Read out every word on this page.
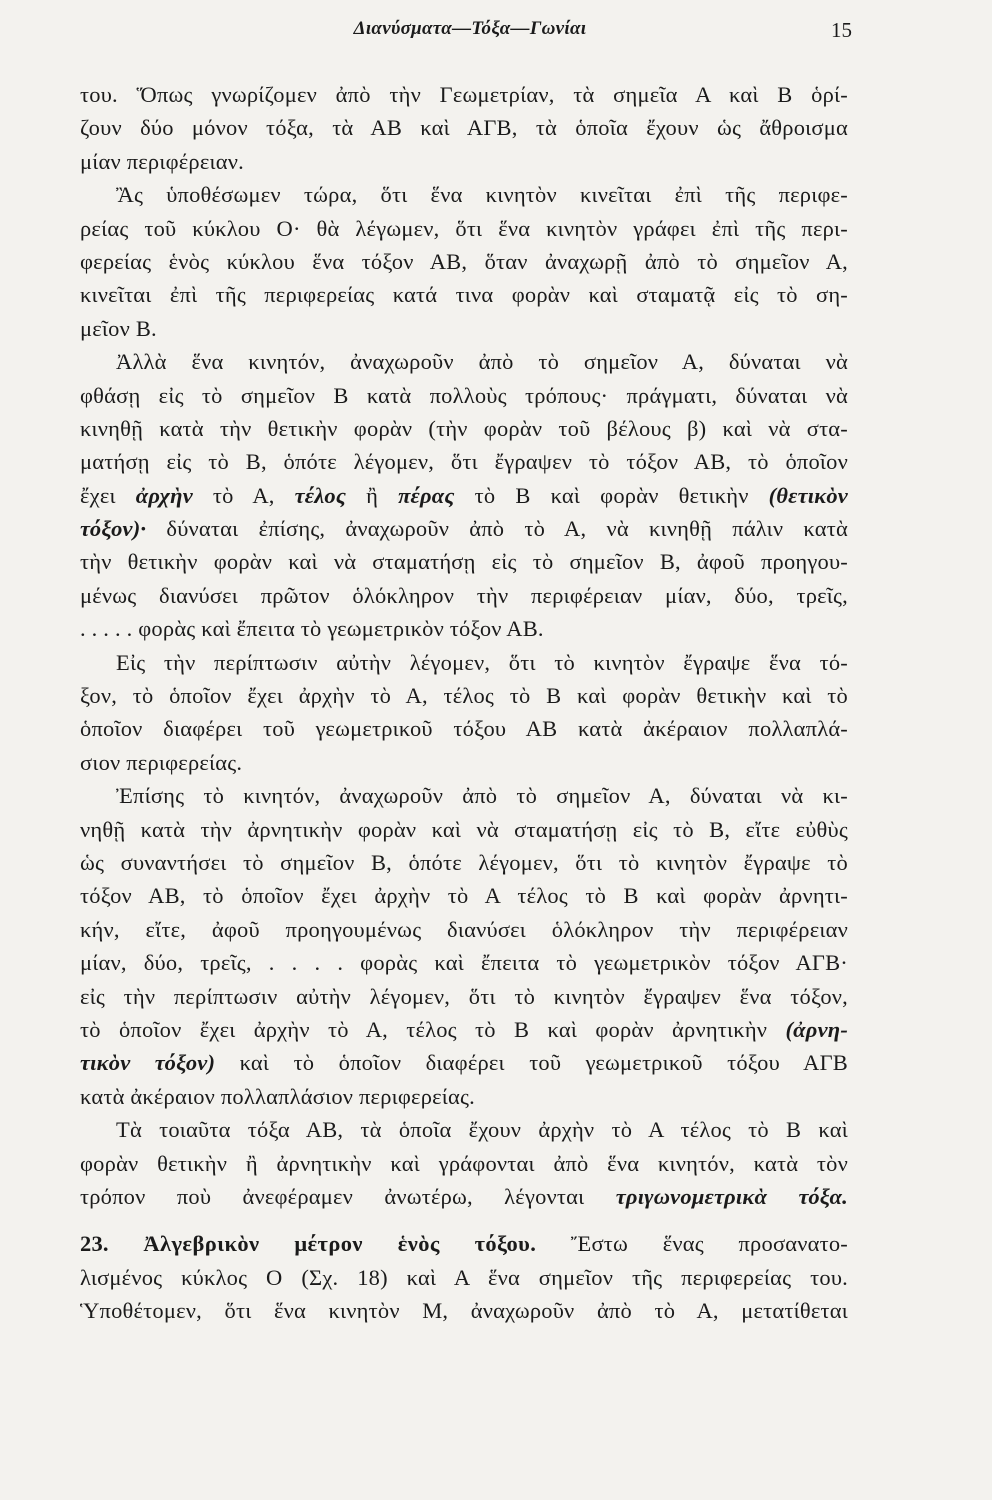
Διανύσματα—Τόξα—Γωνίαι	15
του. Ὅπως γνωρίζομεν ἀπὸ τὴν Γεωμετρίαν, τὰ σημεῖα Α καὶ Β ὁρί-
ζουν δύο μόνον τόξα, τὰ ΑΒ καὶ ΑΓΒ, τὰ ὁποῖα ἔχουν ὡς ἄθροισμα
μίαν περιφέρειαν.
Ἂς ὑποθέσωμεν τώρα, ὅτι ἕνα κινητὸν κινεῖται ἐπὶ τῆς περιφε-
ρείας τοῦ κύκλου Ο· θὰ λέγωμεν, ὅτι ἕνα κινητὸν γράφει ἐπὶ τῆς περι-
φερείας ἑνὸς κύκλου ἕνα τόξον ΑΒ, ὅταν ἀναχωρῇ ἀπὸ τὸ σημεῖον Α,
κινεῖται ἐπὶ τῆς περιφερείας κατά τινα φορὰν καὶ σταματᾷ εἰς τὸ ση-
μεῖον Β.
Ἀλλὰ ἕνα κινητόν, ἀναχωροῦν ἀπὸ τὸ σημεῖον Α, δύναται νὰ
φθάσῃ εἰς τὸ σημεῖον Β κατὰ πολλοὺς τρόπους· πράγματι, δύναται νὰ
κινηθῇ κατὰ τὴν θετικὴν φορὰν (τὴν φορὰν τοῦ βέλους β) καὶ νὰ στα-
ματήσῃ εἰς τὸ Β, ὁπότε λέγομεν, ὅτι ἔγραψεν τὸ τόξον ΑΒ, τὸ ὁποῖον
ἔχει ἀρχὴν τὸ Α, τέλος ἢ πέρας τὸ Β καὶ φορὰν θετικὴν (θετικὸν
τόξον)· δύναται ἐπίσης, ἀναχωροῦν ἀπὸ τὸ Α, νὰ κινηθῇ πάλιν κατὰ
τὴν θετικὴν φορὰν καὶ νὰ σταματήσῃ εἰς τὸ σημεῖον Β, ἀφοῦ προηγου-
μένως διανύσει πρῶτον ὁλόκληρον τὴν περιφέρειαν μίαν, δύο, τρεῖς,
. . . . . φορὰς καὶ ἔπειτα τὸ γεωμετρικὸν τόξον ΑΒ.
Εἰς τὴν περίπτωσιν αὐτὴν λέγομεν, ὅτι τὸ κινητὸν ἔγραψε ἕνα τό-
ξον, τὸ ὁποῖον ἔχει ἀρχὴν τὸ Α, τέλος τὸ Β καὶ φορὰν θετικὴν καὶ τὸ
ὁποῖον διαφέρει τοῦ γεωμετρικοῦ τόξου ΑΒ κατὰ ἀκέραιον πολλαπλά-
σιον περιφερείας.
Ἐπίσης τὸ κινητόν, ἀναχωροῦν ἀπὸ τὸ σημεῖον Α, δύναται νὰ κι-
νηθῇ κατὰ τὴν ἀρνητικὴν φορὰν καὶ νὰ σταματήσῃ εἰς τὸ Β, εἴτε εὐθὺς
ὡς συναντήσει τὸ σημεῖον Β, ὁπότε λέγομεν, ὅτι τὸ κινητὸν ἔγραψε τὸ
τόξον ΑΒ, τὸ ὁποῖον ἔχει ἀρχὴν τὸ Α τέλος τὸ Β καὶ φορὰν ἀρνητι-
κήν, εἴτε, ἀφοῦ προηγουμένως διανύσει ὁλόκληρον τὴν περιφέρειαν
μίαν, δύο, τρεῖς, . . . . φορὰς καὶ ἔπειτα τὸ γεωμετρικὸν τόξον ΑΓΒ·
εἰς τὴν περίπτωσιν αὐτὴν λέγομεν, ὅτι τὸ κινητὸν ἔγραψεν ἕνα τόξον,
τὸ ὁποῖον ἔχει ἀρχὴν τὸ Α, τέλος τὸ Β καὶ φορὰν ἀρνητικὴν (ἀρνη-
τικὸν τόξον) καὶ τὸ ὁποῖον διαφέρει τοῦ γεωμετρικοῦ τόξου ΑΓΒ
κατὰ ἀκέραιον πολλαπλάσιον περιφερείας.
Τὰ τοιαῦτα τόξα ΑΒ, τὰ ὁποῖα ἔχουν ἀρχὴν τὸ Α τέλος τὸ Β καὶ
φορὰν θετικὴν ἢ ἀρνητικὴν καὶ γράφονται ἀπὸ ἕνα κινητόν, κατὰ τὸν
τρόπον ποὺ ἀνεφέραμεν ἀνωτέρω, λέγονται τριγωνομετρικὰ τόξα.
23. Ἀλγεβρικὸν μέτρον ἑνὸς τόξου. Ἔστω ἕνας προσανατο-
λισμένος κύκλος Ο (Σχ. 18) καὶ Α ἕνα σημεῖον τῆς περιφερείας του.
Ὑποθέτομεν, ὅτι ἕνα κινητὸν Μ, ἀναχωροῦν ἀπὸ τὸ Α, μετατίθεται
